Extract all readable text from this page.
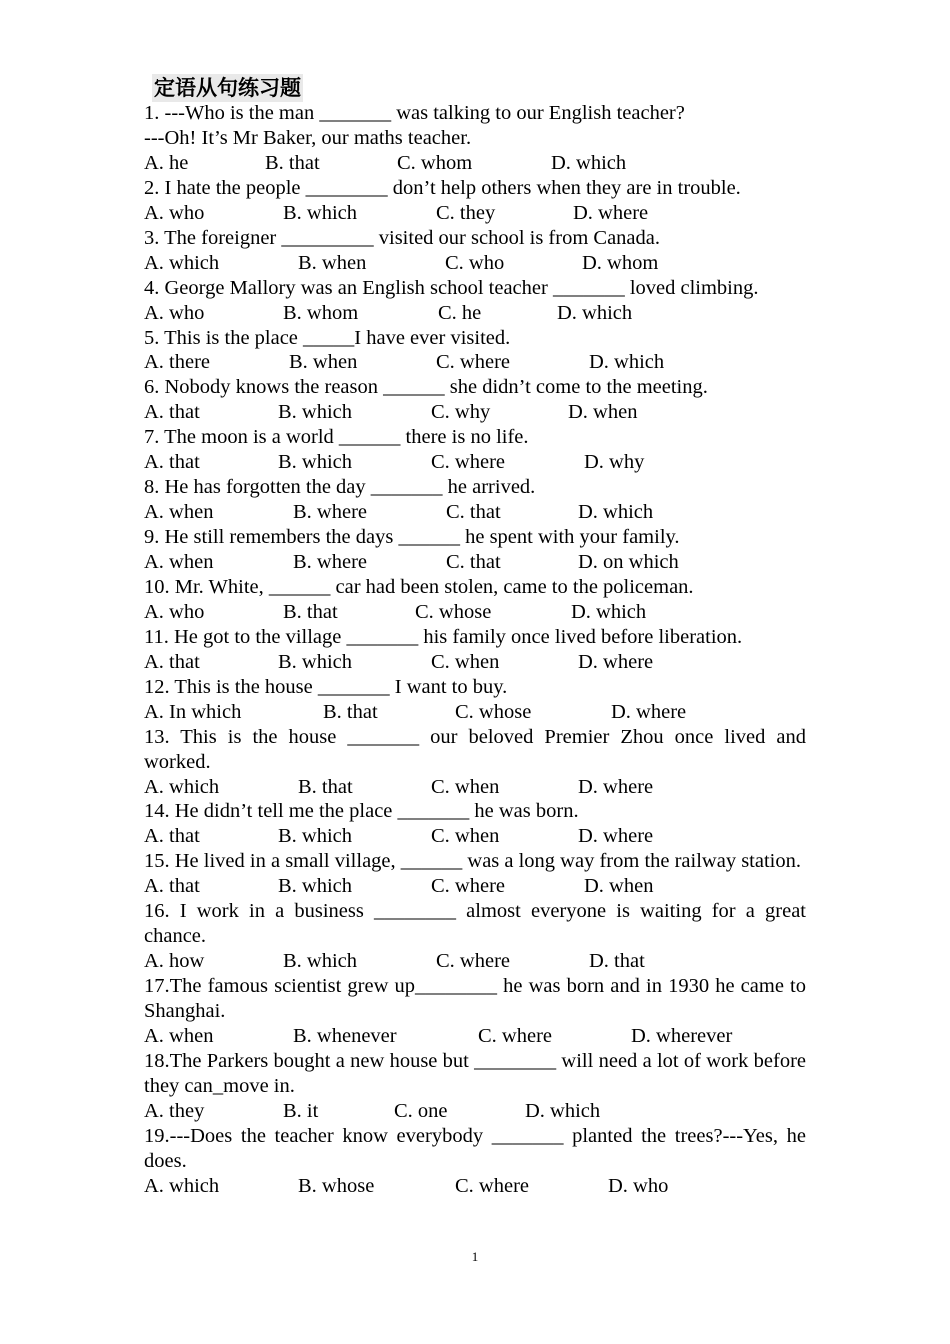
定语从句练习题
1. ---Who is the man _______ was talking to our English teacher?
---Oh! It’s Mr Baker, our maths teacher.
A. he	B. that	C. whom	D. which
2. I hate the people ________ don’t help others when they are in trouble.
A. who	B. which	C. they	D. where
3. The foreigner _________ visited our school is from Canada.
A. which	B. when	C. who	D. whom
4. George Mallory was an English school teacher _______ loved climbing.
A. who	B. whom	C. he	D. which
5. This is the place _____I have ever visited.
A. there	B. when	C. where	D. which
6. Nobody knows the reason ______ she didn’t come to the meeting.
A. that	B. which	C. why	D. when
7. The moon is a world ______ there is no life.
A. that	B. which	C. where	D. why
8. He has forgotten the day _______ he arrived.
A. when	B. where	C. that	D. which
9. He still remembers the days ______ he spent with your family.
A. when	B. where	C. that	D. on which
10. Mr. White, ______ car had been stolen, came to the policeman.
A. who	B. that	C. whose	D. which
11. He got to the village _______ his family once lived before liberation.
A. that	B. which	C. when	D. where
12. This is the house _______ I want to buy.
A. In which	B. that	C. whose	D. where
13. This is the house _______ our beloved Premier Zhou once lived and worked.
A. which	B. that	C. when	D. where
14. He didn’t tell me the place _______ he was born.
A. that	B. which	C. when	D. where
15. He lived in a small village, ______ was a long way from the railway station.
A. that	B. which	C. where	D. when
16. I work in a business ________ almost everyone is waiting for a great chance.
A. how	B. which	C. where	D. that
17.The famous scientist grew up________ he was born and in 1930 he came to Shanghai.
A. when	B. whenever	C. where	D. wherever
18.The Parkers bought a new house but ________ will need a lot of work before they can_move in.
A. they	B. it	C. one	D. which
19.---Does the teacher know everybody _______ planted the trees?---Yes, he does.
A. which	B. whose	C. where	D. who
1
